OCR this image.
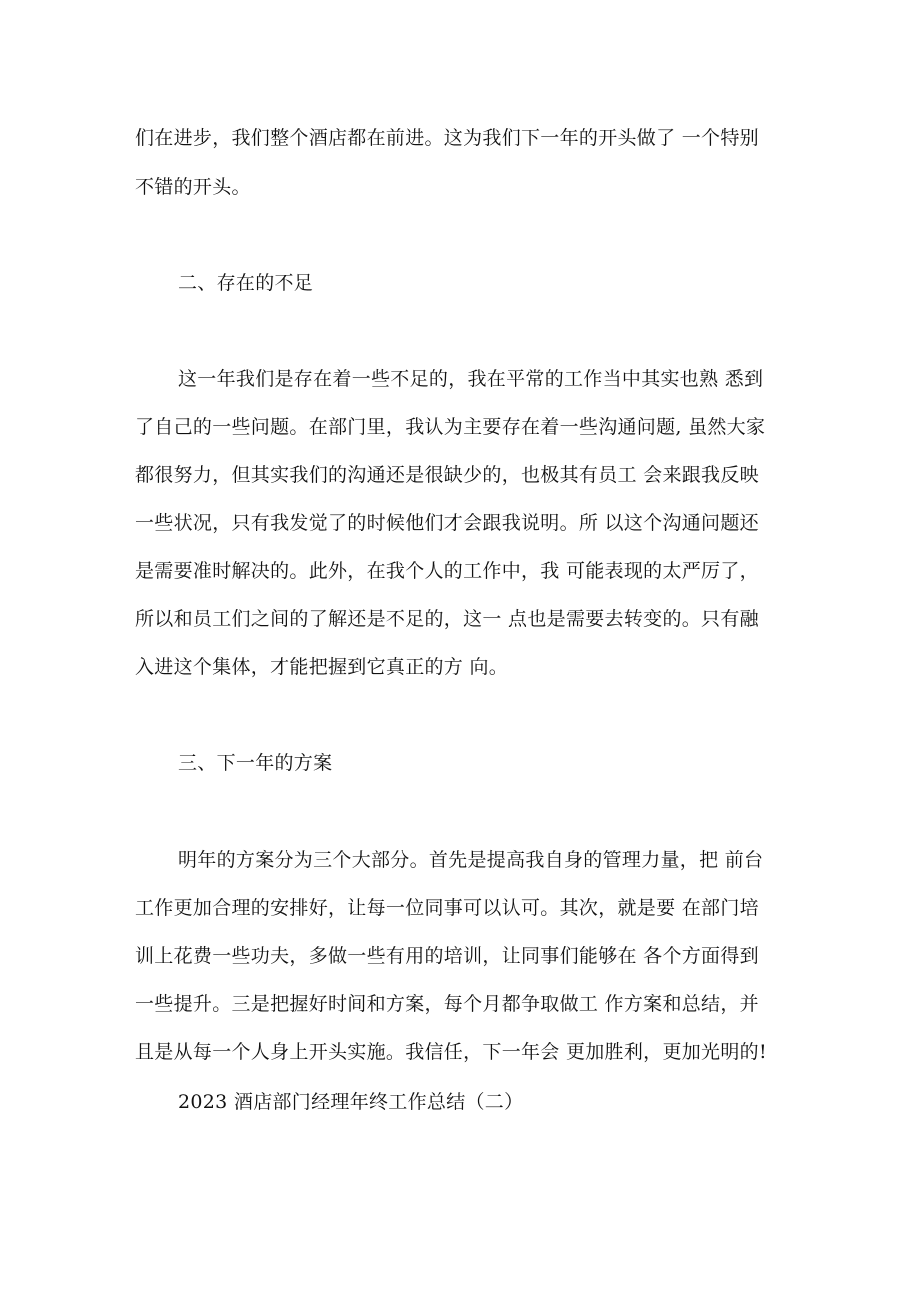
们在进步，我们整个酒店都在前进。这为我们下一年的开头做了 一个特别
不错的开头。
二、存在的不足
这一年我们是存在着一些不足的，我在平常的工作当中其实也熟 悉到
了自己的一些问题。在部门里，我认为主要存在着一些沟通问题, 虽然大家
都很努力，但其实我们的沟通还是很缺少的，也极其有员工 会来跟我反映
一些状况，只有我发觉了的时候他们才会跟我说明。所 以这个沟通问题还
是需要准时解决的。此外，在我个人的工作中，我 可能表现的太严厉了，
所以和员工们之间的了解还是不足的，这一 点也是需要去转变的。只有融
入进这个集体，才能把握到它真正的方 向。
三、下一年的方案
明年的方案分为三个大部分。首先是提高我自身的管理力量，把 前台
工作更加合理的安排好，让每一位同事可以认可。其次，就是要 在部门培
训上花费一些功夫，多做一些有用的培训，让同事们能够在 各个方面得到
一些提升。三是把握好时间和方案，每个月都争取做工 作方案和总结，并
且是从每一个人身上开头实施。我信任，下一年会 更加胜利，更加光明的!
2023 酒店部门经理年终工作总结（二）
